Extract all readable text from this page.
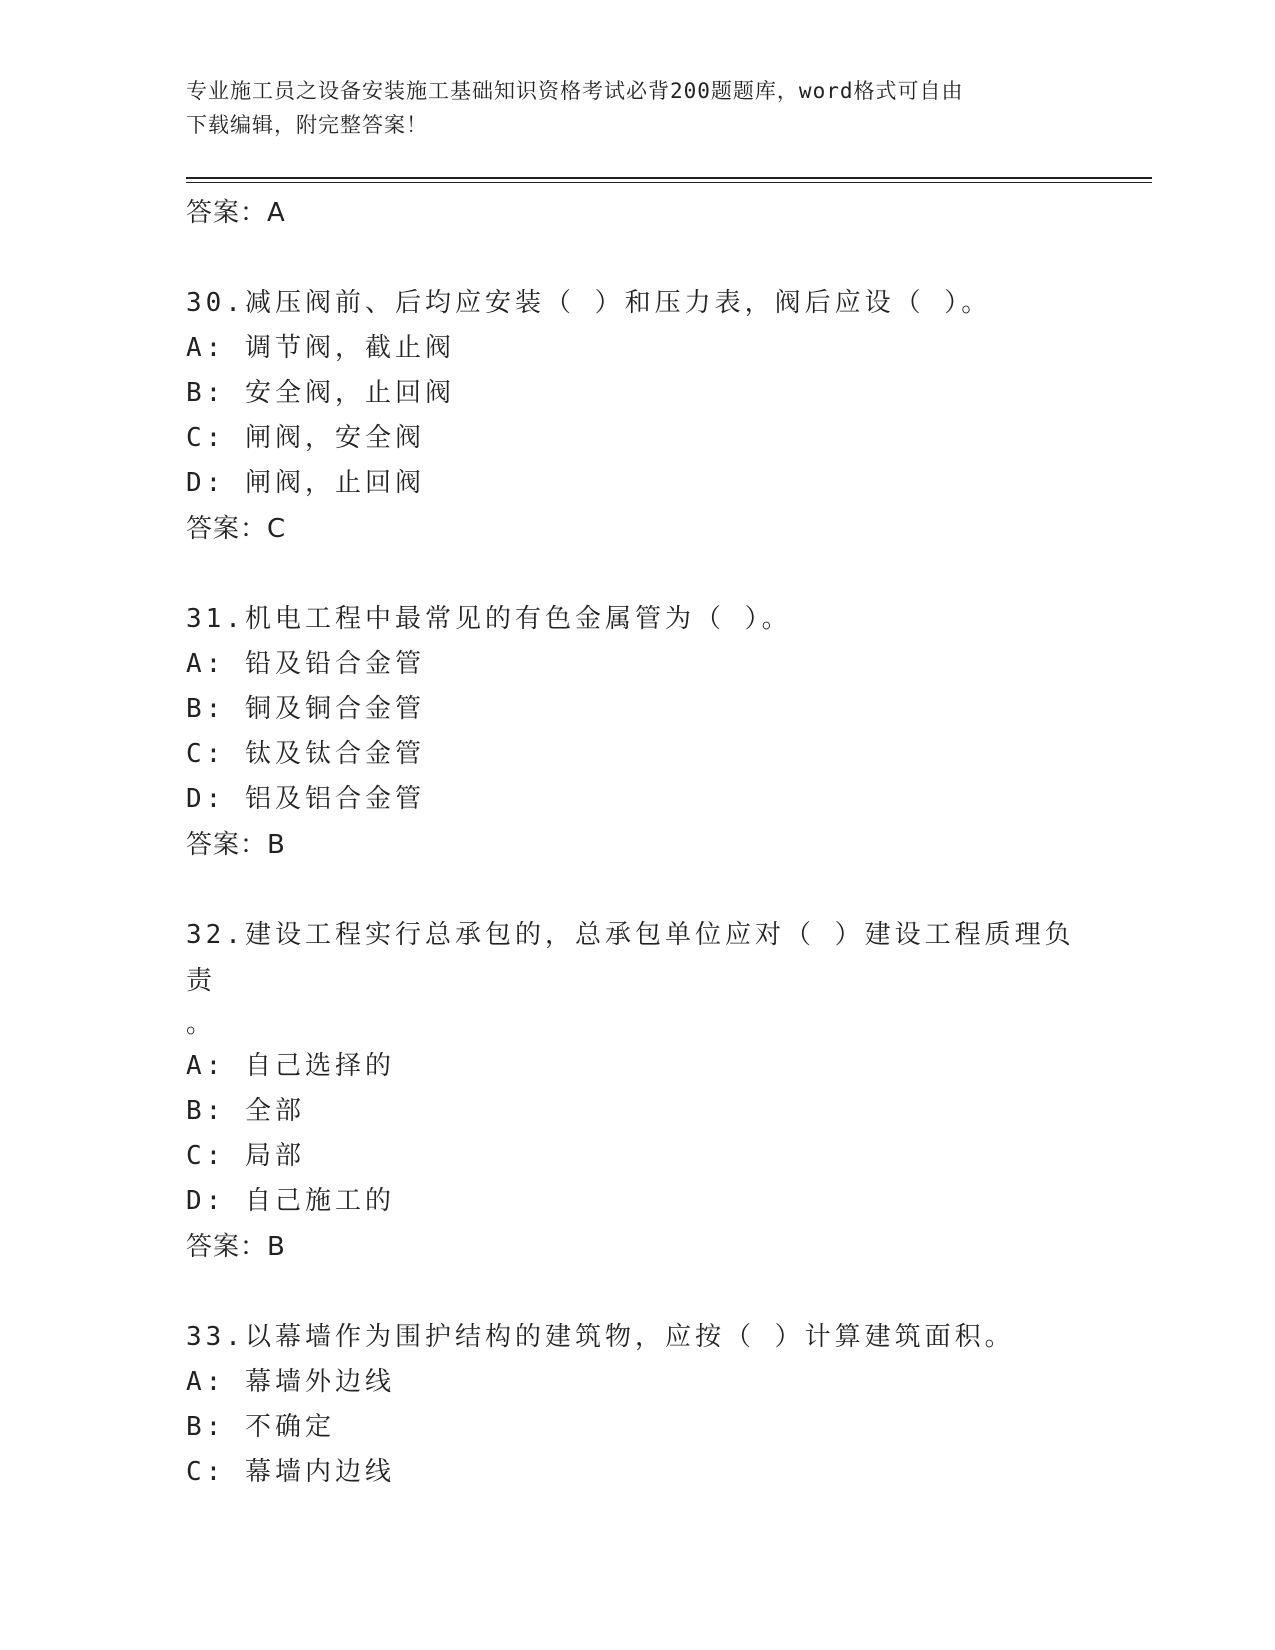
专业施工员之设备安装施工基础知识资格考试必背200题题库，word格式可自由
下载编辑，附完整答案！
答案：A
30.减压阀前、后均应安装（ ）和压力表，阀后应设（ ）。
A: 调节阀，截止阀
B: 安全阀，止回阀
C: 闸阀，安全阀
D: 闸阀，止回阀
答案：C
31.机电工程中最常见的有色金属管为（ ）。
A: 铅及铅合金管
B: 铜及铜合金管
C: 钛及钛合金管
D: 铝及铝合金管
答案：B
32.建设工程实行总承包的，总承包单位应对（ ）建设工程质理负责
。
A: 自己选择的
B: 全部
C: 局部
D: 自己施工的
答案：B
33.以幕墙作为围护结构的建筑物，应按（ ）计算建筑面积。
A: 幕墙外边线
B: 不确定
C: 幕墙内边线
